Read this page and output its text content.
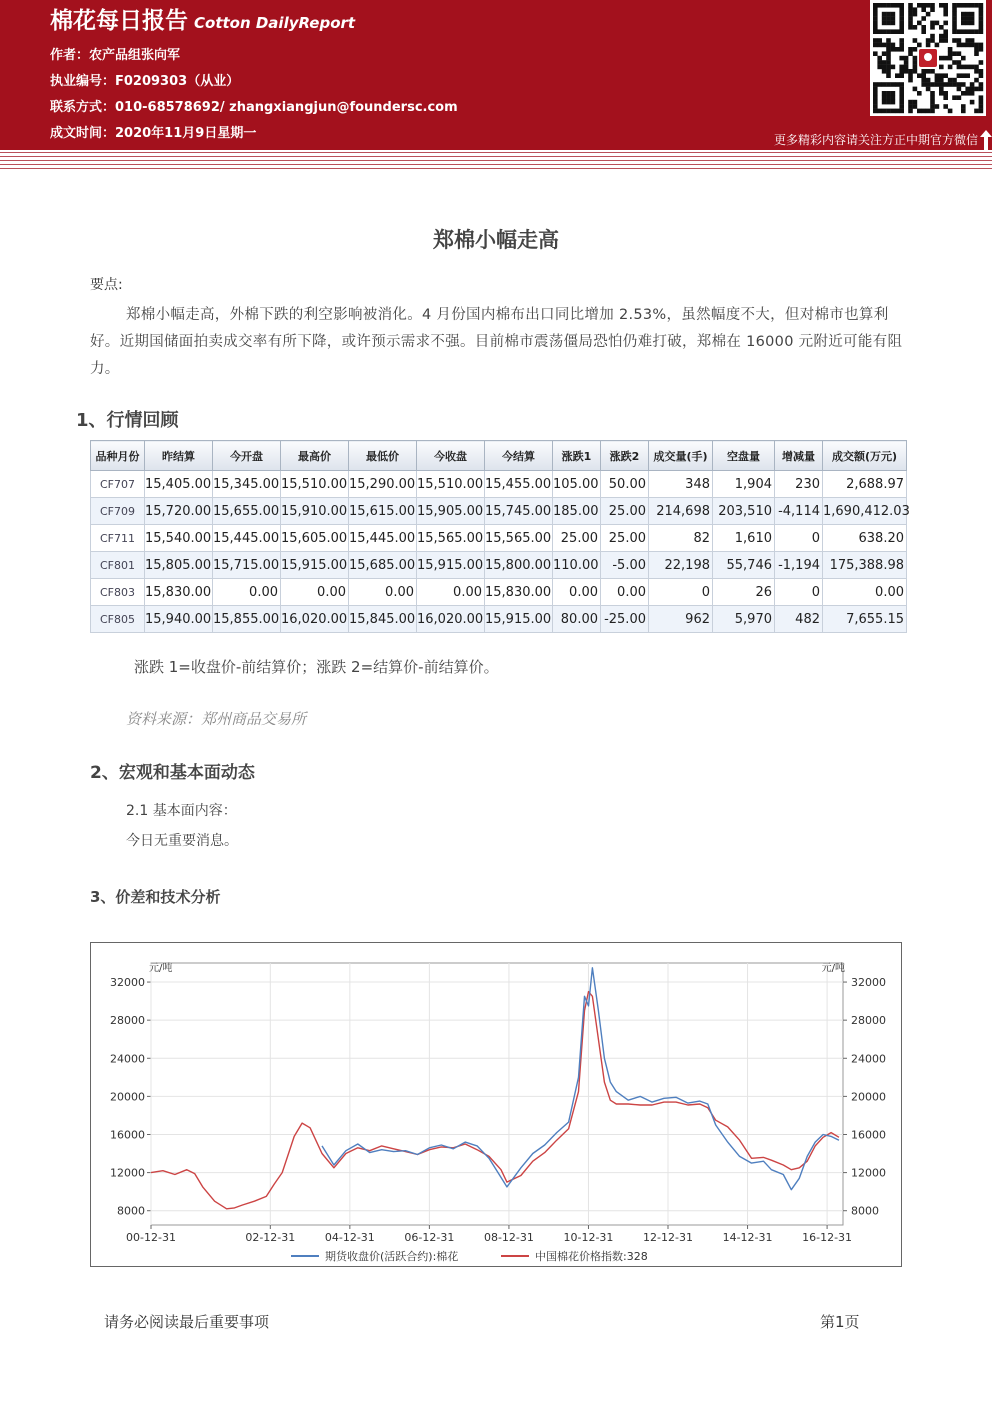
棉花每日报告 Cotton DailyReport
作者：农产品组张向军
执业编号：F0209303（从业）
联系方式：010-68578692/ zhangxiangjun@foundersc.com
成文时间：2020年11月9日星期一	更多精彩内容请关注方正中期官方微信
郑棉小幅走高
要点:
郑棉小幅走高，外棉下跌的利空影响被消化。4 月份国内棉布出口同比增加 2.53%，虽然幅度不大，但对棉市也算利好。近期国储面拍卖成交率有所下降，或许预示需求不强。目前棉市震荡僵局恐怕仍难打破，郑棉在 16000 元附近可能有阻力。
1、行情回顾
品种月份	昨结算	今开盘	最高价	最低价	今收盘	今结算	涨跌1	涨跌2	成交量(手)	空盘量	增减量	成交额(万元)
CF707	15,405.00	15,345.00	15,510.00	15,290.00	15,510.00	15,455.00	105.00	50.00	348	1,904	230	2,688.97
CF709	15,720.00	15,655.00	15,910.00	15,615.00	15,905.00	15,745.00	185.00	25.00	214,698	203,510	-4,114	1,690,412.03
CF711	15,540.00	15,445.00	15,605.00	15,445.00	15,565.00	15,565.00	25.00	25.00	82	1,610	0	638.20
CF801	15,805.00	15,715.00	15,915.00	15,685.00	15,915.00	15,800.00	110.00	-5.00	22,198	55,746	-1,194	175,388.98
CF803	15,830.00	0.00	0.00	0.00	0.00	15,830.00	0.00	0.00	0	26	0	0.00
CF805	15,940.00	15,855.00	16,020.00	15,845.00	16,020.00	15,915.00	80.00	-25.00	962	5,970	482	7,655.15
涨跌 1=收盘价-前结算价；涨跌 2=结算价-前结算价。
资料来源：郑州商品交易所
2、宏观和基本面动态
2.1 基本面内容：
今日无重要消息。
3、价差和技术分析
8000	8000
12000	12000
16000	16000
20000	20000
24000	24000
28000	28000
32000	32000
00-12-31	02-12-31	04-12-31	06-12-31	08-12-31	10-12-31	12-12-31	14-12-31	16-12-31
元/吨	元/吨
期货收盘价(活跃合约):棉花	中国棉花价格指数:328
请务必阅读最后重要事项	第1页
